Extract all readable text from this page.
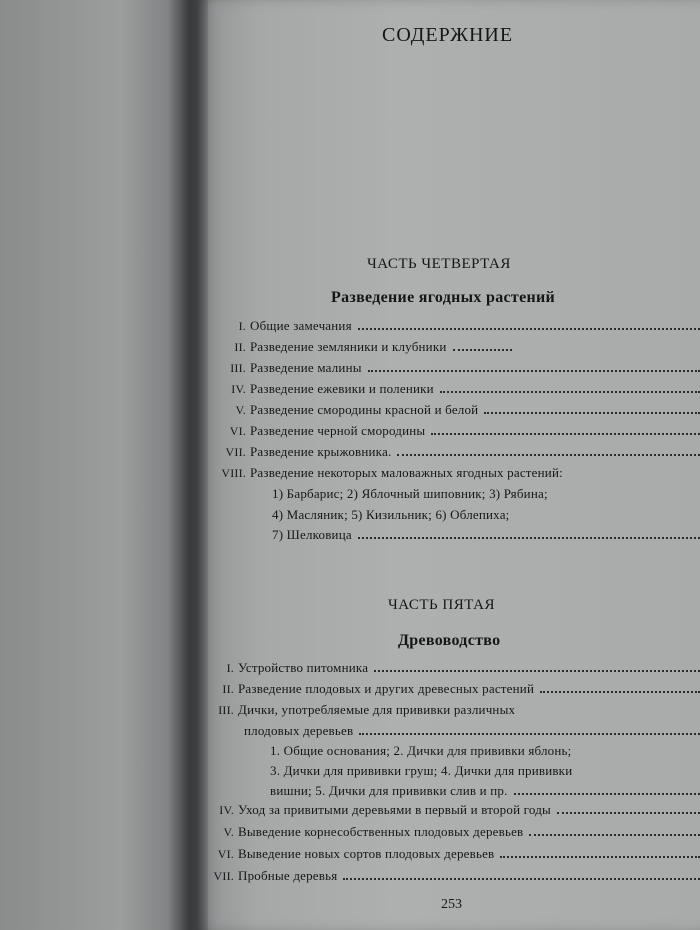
СОДЕРЖНИЕ
ЧАСТЬ ЧЕТВЕРТАЯ
Разведение ягодных растений
I. Общие замечания
II. Разведение земляники и клубники
III. Разведение малины
IV. Разведение ежевики и поленики
V. Разведение смородины красной и белой
VI. Разведение черной смородины
VII. Разведение крыжовника.
VIII. Разведение некоторых маловажных ягодных растений:
1) Барбарис; 2) Яблочный шиповник; 3) Рябина;
4) Масляник; 5) Кизильник; 6) Облепиха;
7) Шелковица
ЧАСТЬ ПЯТАЯ
Древоводство
I. Устройство питомника
II. Разведение плодовых и других древесных растений
III. Дички, употребляемые для прививки различных
плодовых деревьев
1. Общие основания; 2. Дички для прививки яблонь;
3. Дички для прививки груш; 4. Дички для прививки
вишни; 5. Дички для прививки слив и пр.
IV. Уход за привитыми деревьями в первый и второй годы
V. Выведение корнесобственных плодовых деревьев
VI. Выведение новых сортов плодовых деревьев
VII. Пробные деревья
253
